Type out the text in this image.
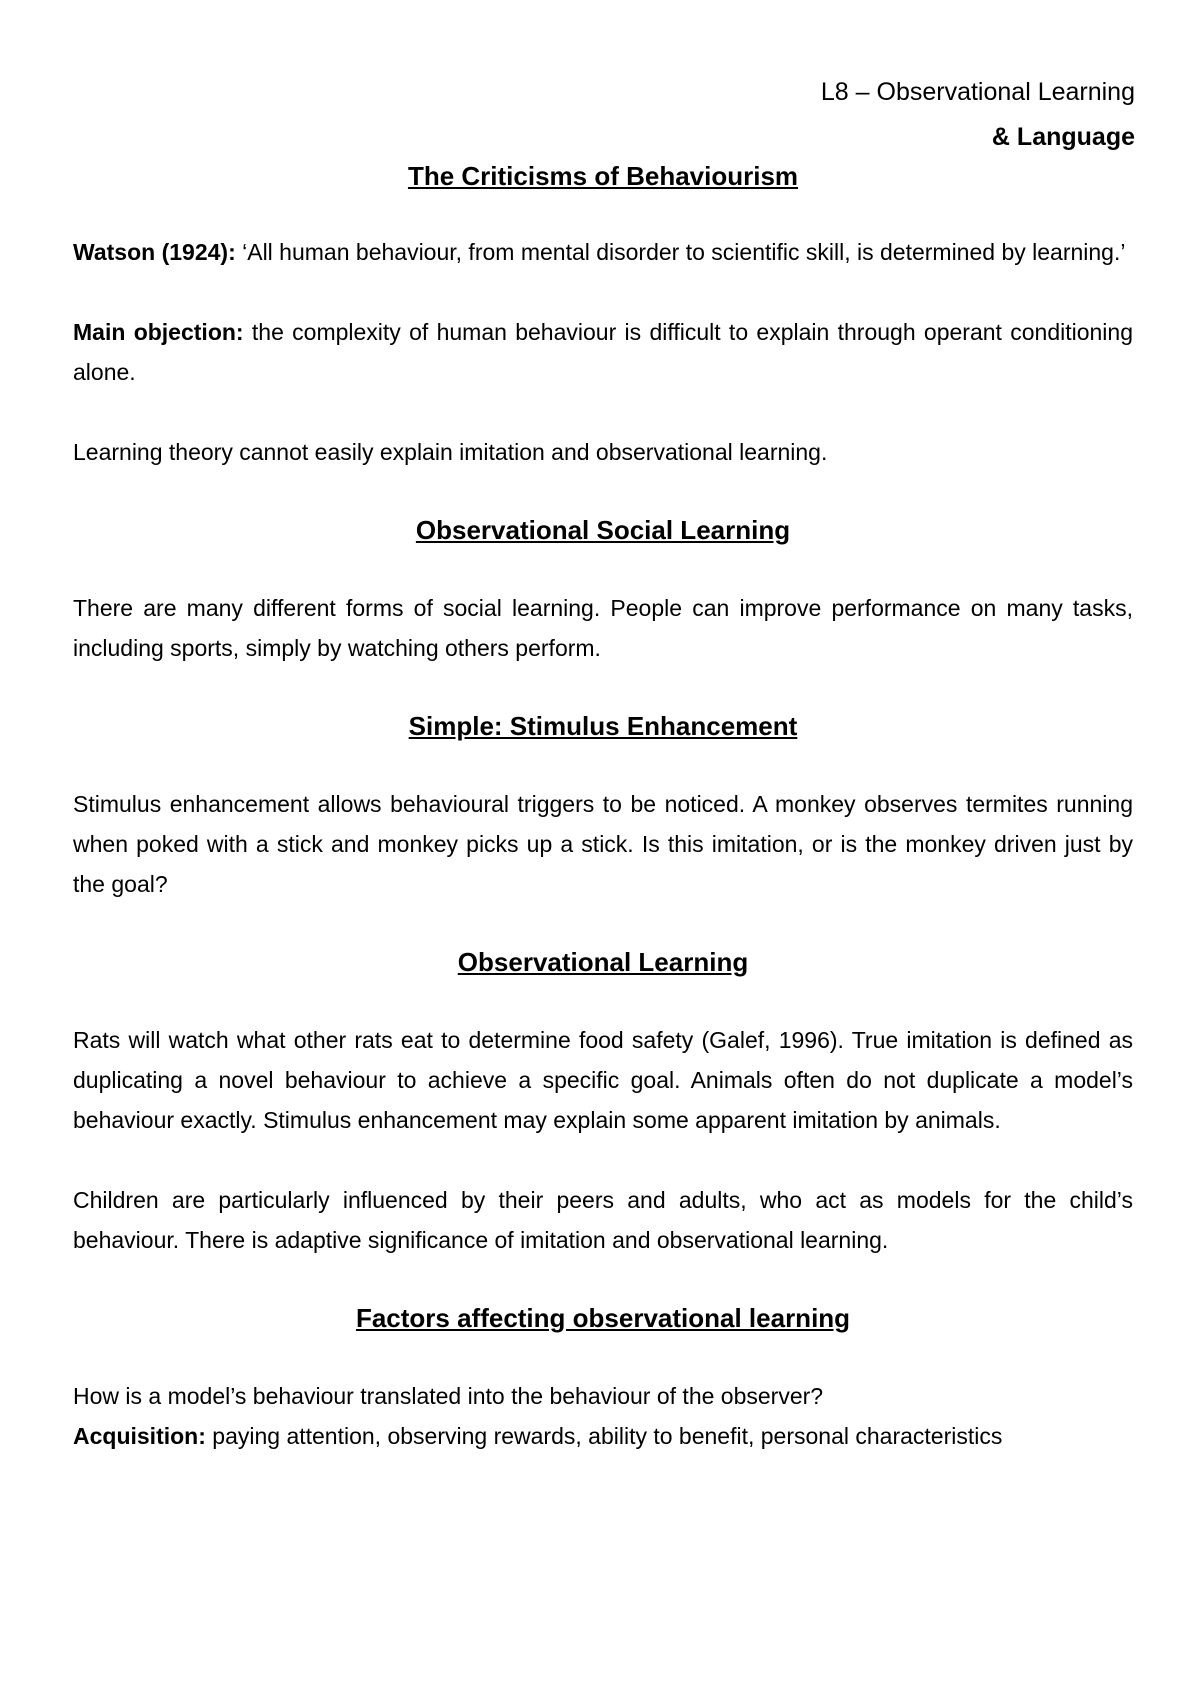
L8 – Observational Learning
& Language
The Criticisms of Behaviourism

Watson (1924): ‘All human behaviour, from mental disorder to scientific skill, is determined by learning.’

Main objection: the complexity of human behaviour is difficult to explain through operant conditioning alone.

Learning theory cannot easily explain imitation and observational learning.

Observational Social Learning

There are many different forms of social learning. People can improve performance on many tasks, including sports, simply by watching others perform.

Simple: Stimulus Enhancement

Stimulus enhancement allows behavioural triggers to be noticed. A monkey observes termites running when poked with a stick and monkey picks up a stick. Is this imitation, or is the monkey driven just by the goal?

Observational Learning

Rats will watch what other rats eat to determine food safety (Galef, 1996). True imitation is defined as duplicating a novel behaviour to achieve a specific goal. Animals often do not duplicate a model’s behaviour exactly. Stimulus enhancement may explain some apparent imitation by animals.

Children are particularly influenced by their peers and adults, who act as models for the child’s behaviour. There is adaptive significance of imitation and observational learning.

Factors affecting observational learning

How is a model’s behaviour translated into the behaviour of the observer?

Acquisition: paying attention, observing rewards, ability to benefit, personal characteristics
